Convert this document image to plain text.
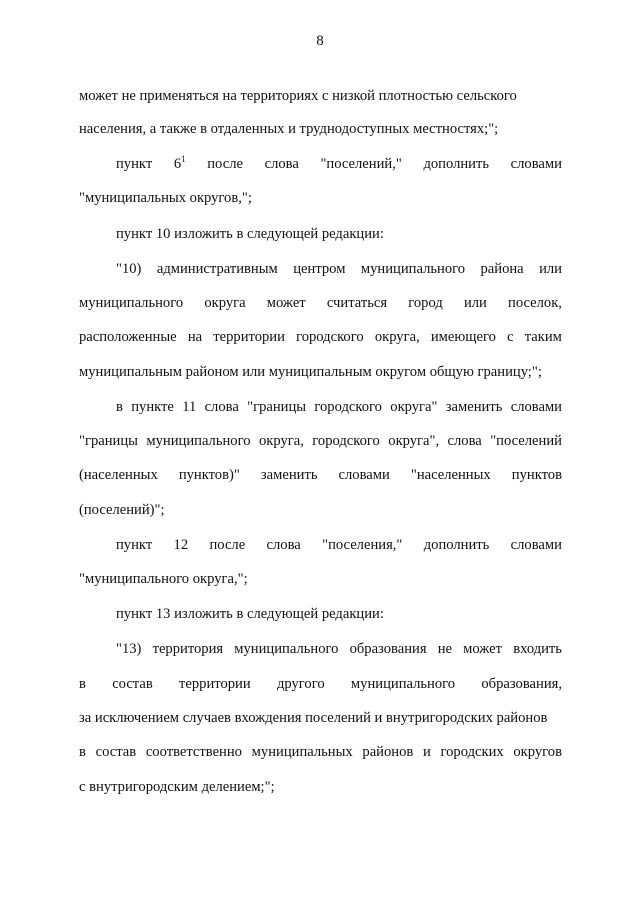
8
может не применяться на территориях с низкой плотностью сельского
населения, а также в отдаленных и труднодоступных местностях;";
пункт $6^1$ после слова "поселений," дополнить словами
"муниципальных округов,";
пункт 10 изложить в следующей редакции:
"10) административным центром муниципального района или
муниципального округа может считаться город или поселок,
расположенные на территории городского округа, имеющего с таким
муниципальным районом или муниципальным округом общую границу;";
в пункте 11 слова "границы городского округа" заменить словами
"границы муниципального округа, городского округа", слова "поселений
(населенных пунктов)" заменить словами "населенных пунктов
(поселений)";
пункт 12 после слова "поселения," дополнить словами
"муниципального округа,";
пункт 13 изложить в следующей редакции:
"13) территория муниципального образования не может входить
в состав территории другого муниципального образования,
за исключением случаев вхождения поселений и внутригородских районов
в состав соответственно муниципальных районов и городских округов
с внутригородским делением;";
